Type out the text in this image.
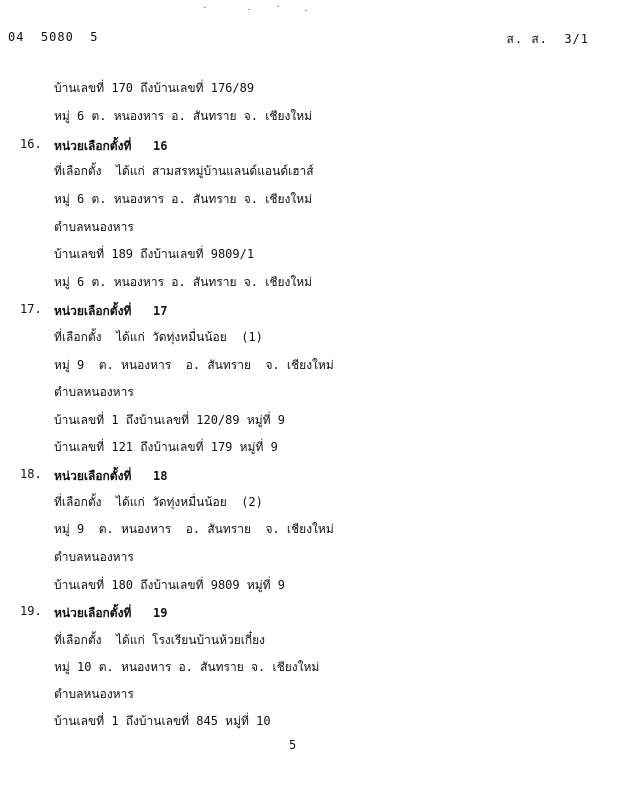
04  5080  5	ส. ส.  3/1
บ้านเลขที่ 170 ถึงบ้านเลขที่ 176/89
หมู่ 6 ต. หนองหาร อ. สันทราย จ. เชียงใหม่
16. หน่วยเลือกตั้งที่   16
ที่เลือกตั้ง  ได้แก่ สามสรหมู่บ้านแลนด์แอนด์เฮาส์
หมู่ 6 ต. หนองหาร อ. สันทราย จ. เชียงใหม่
ตำบลหนองหาร
บ้านเลขที่ 189 ถึงบ้านเลขที่ 9809/1
หมู่ 6 ต. หนองหาร อ. สันทราย จ. เชียงใหม่
17. หน่วยเลือกตั้งที่   17
ที่เลือกตั้ง  ได้แก่ วัดทุ่งหมื่นน้อย  (1)
หมู่ 9  ต. หนองหาร  อ. สันทราย  จ. เชียงใหม่
ตำบลหนองหาร
บ้านเลขที่ 1 ถึงบ้านเลขที่ 120/89 หมู่ที่ 9
บ้านเลขที่ 121 ถึงบ้านเลขที่ 179 หมู่ที่ 9
18. หน่วยเลือกตั้งที่   18
ที่เลือกตั้ง  ได้แก่ วัดทุ่งหมื่นน้อย  (2)
หมู่ 9  ต. หนองหาร  อ. สันทราย  จ. เชียงใหม่
ตำบลหนองหาร
บ้านเลขที่ 180 ถึงบ้านเลขที่ 9809 หมู่ที่ 9
19. หน่วยเลือกตั้งที่   19
ที่เลือกตั้ง  ได้แก่ โรงเรียนบ้านห้วยเกี๋ยง
หมู่ 10 ต. หนองหาร อ. สันทราย จ. เชียงใหม่
ตำบลหนองหาร
บ้านเลขที่ 1 ถึงบ้านเลขที่ 845 หมู่ที่ 10
5
